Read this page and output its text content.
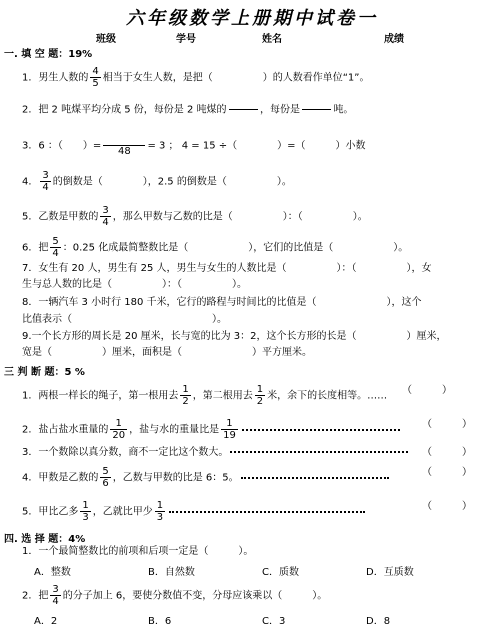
六年级数学上册期中试卷一
班级	学号	姓名	成绩
一. 填 空 题：19%
1．男生人数的 $\frac{4}{5}$ 相当于女生人数，是把（　　　　　）的人数看作单位“1”。
2．把 2 吨煤平均分成 5 份，每份是 2 吨煤的

	，每份是

	吨。
3．6 ：（　　）=
	48	= 3 ； 4 = 15 ÷（　　　　）=（　　　）小数
4． $\frac{3}{4}$ 的倒数是（　　　　），2.5 的倒数是（　　　　　）。
5．乙数是甲数的 $\frac{3}{4}$ ，那么甲数与乙数的比是（　　　　　）：（　　　　　）。
6．把 $\frac{5}{4}$ ：0.25 化成最简整数比是（　　　　　　），它们的比值是（　　　　　　）。
7．女生有 20 人，男生有 25 人，男生与女生的人数比是（　　　　　）：（　　　　　），女
生与总人数的比是（　　　　　）：（　　　　　）。
8．一辆汽车 3 小时行 180 千米，它行的路程与时间比的比值是（　　　　　　　），这个
比值表示（　　　　　　　　　　　　　　）。
9.一个长方形的周长是 20 厘米，长与宽的比为 3：2，这个长方形的长是（　　　　　）厘米，
宽是（　　　　　）厘米，面积是（　　　　　　　）平方厘米。
三 判 断 题：5 %
1．两根一样长的绳子，第一根用去 $\frac{1}{2}$ ，第二根用去 $\frac{1}{2}$ 米，余下的长度相等。…… （　　　）
2．盐占盐水重量的 $\frac{1}{20}$ ，盐与水的重量比是 $\frac{1}{19}$	（　　　）
3．一个数除以真分数，商不一定比这个数大。	（　　　）
4．甲数是乙数的 $\frac{5}{6}$ ，乙数与甲数的比是 6：5。	（　　　）
5．甲比乙多 $\frac{1}{3}$ ，乙就比甲少 $\frac{1}{3}$	（　　　）
四. 选 择 题：4%
1．一个最简整数比的前项和后项一定是（　　　）。
A．整数	B．自然数	C．质数	D．互质数
2．把 $\frac{3}{4}$ 的分子加上 6，要使分数值不变，分母应该乘以（　　　）。
A．2	B．6	C．3	D．8
